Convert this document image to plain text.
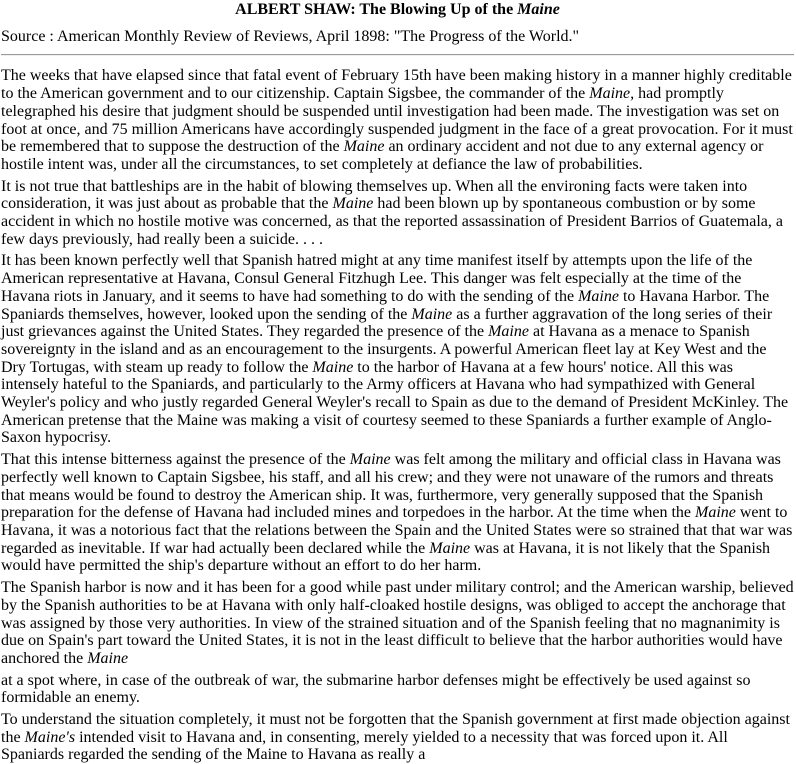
ALBERT SHAW: The Blowing Up of the Maine

Source : American Monthly Review of Reviews, April 1898: "The Progress of the World."

The weeks that have elapsed since that fatal event of February 15th have been making history in a manner highly creditable to the American government and to our citizenship. Captain Sigsbee, the commander of the Maine, had promptly telegraphed his desire that judgment should be suspended until investigation had been made. The investigation was set on foot at once, and 75 million Americans have accordingly suspended judgment in the face of a great provocation. For it must be remembered that to suppose the destruction of the Maine an ordinary accident and not due to any external agency or hostile intent was, under all the circumstances, to set completely at defiance the law of probabilities.

It is not true that battleships are in the habit of blowing themselves up. When all the environing facts were taken into consideration, it was just about as probable that the Maine had been blown up by spontaneous combustion or by some accident in which no hostile motive was concerned, as that the reported assassination of President Barrios of Guatemala, a few days previously, had really been a suicide. . . .

It has been known perfectly well that Spanish hatred might at any time manifest itself by attempts upon the life of the American representative at Havana, Consul General Fitzhugh Lee. This danger was felt especially at the time of the Havana riots in January, and it seems to have had something to do with the sending of the Maine to Havana Harbor. The Spaniards themselves, however, looked upon the sending of the Maine as a further aggravation of the long series of their just grievances against the United States. They regarded the presence of the Maine at Havana as a menace to Spanish sovereignty in the island and as an encouragement to the insurgents. A powerful American fleet lay at Key West and the Dry Tortugas, with steam up ready to follow the Maine to the harbor of Havana at a few hours' notice. All this was intensely hateful to the Spaniards, and particularly to the Army officers at Havana who had sympathized with General Weyler's policy and who justly regarded General Weyler's recall to Spain as due to the demand of President McKinley. The American pretense that the Maine was making a visit of courtesy seemed to these Spaniards a further example of Anglo-Saxon hypocrisy.

That this intense bitterness against the presence of the Maine was felt among the military and official class in Havana was perfectly well known to Captain Sigsbee, his staff, and all his crew; and they were not unaware of the rumors and threats that means would be found to destroy the American ship. It was, furthermore, very generally supposed that the Spanish preparation for the defense of Havana had included mines and torpedoes in the harbor. At the time when the Maine went to Havana, it was a notorious fact that the relations between the Spain and the United States were so strained that that war was regarded as inevitable. If war had actually been declared while the Maine was at Havana, it is not likely that the Spanish would have permitted the ship's departure without an effort to do her harm.

The Spanish harbor is now and it has been for a good while past under military control; and the American warship, believed by the Spanish authorities to be at Havana with only half-cloaked hostile designs, was obliged to accept the anchorage that was assigned by those very authorities. In view of the strained situation and of the Spanish feeling that no magnanimity is due on Spain's part toward the United States, it is not in the least difficult to believe that the harbor authorities would have anchored the Maine

at a spot where, in case of the outbreak of war, the submarine harbor defenses might be effectively be used against so formidable an enemy.

To understand the situation completely, it must not be forgotten that the Spanish government at first made objection against the Maine's intended visit to Havana and, in consenting, merely yielded to a necessity that was forced upon it. All Spaniards regarded the sending of the Maine to Havana as really a
